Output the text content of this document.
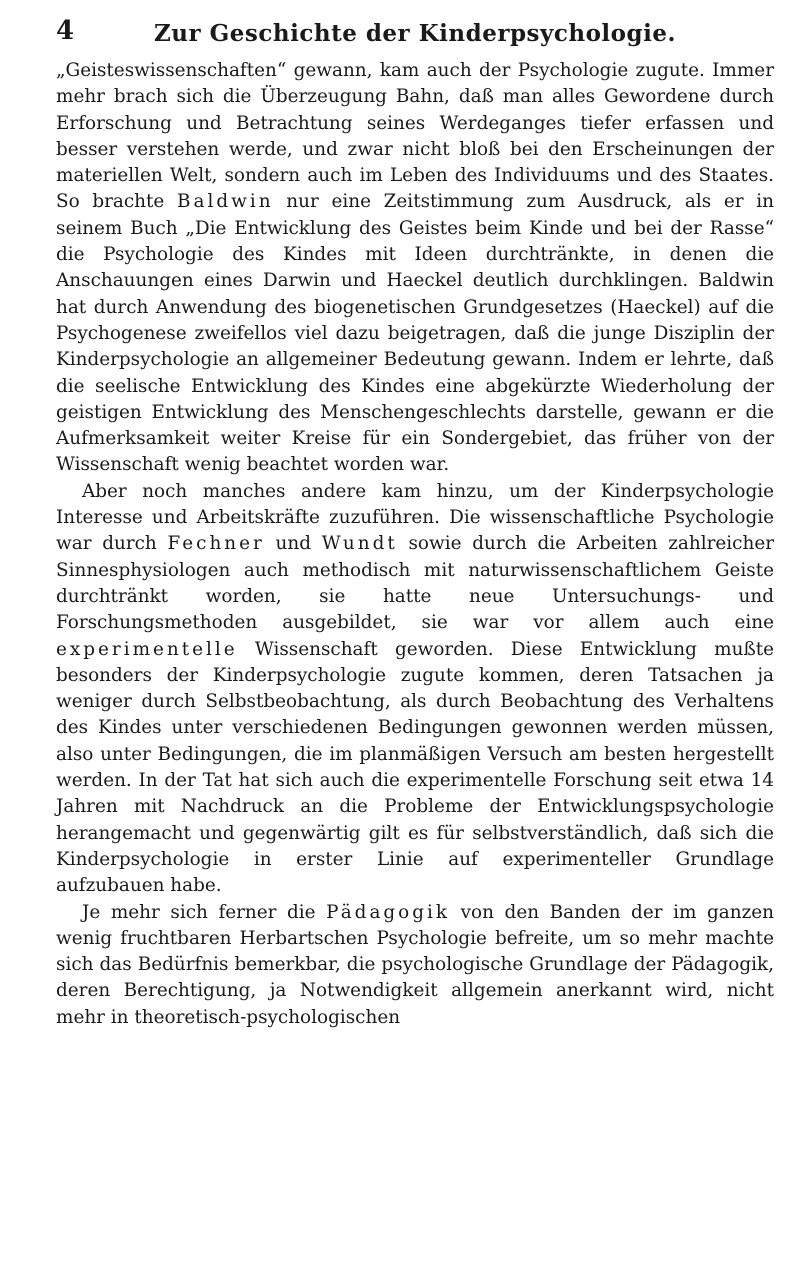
4	Zur Geschichte der Kinderpsychologie.

„Geisteswissenschaften“ gewann, kam auch der Psychologie zugute. Immer mehr brach sich die Überzeugung Bahn, daß man alles Gewordene durch Erforschung und Betrachtung seines Werdeganges tiefer erfassen und besser verstehen werde, und zwar nicht bloß bei den Erscheinungen der materiellen Welt, sondern auch im Leben des Individuums und des Staates. So brachte Baldwin nur eine Zeitstimmung zum Ausdruck, als er in seinem Buch „Die Entwicklung des Geistes beim Kinde und bei der Rasse“ die Psychologie des Kindes mit Ideen durchtränkte, in denen die Anschauungen eines Darwin und Haeckel deutlich durchklingen. Baldwin hat durch Anwendung des biogenetischen Grundgesetzes (Haeckel) auf die Psychogenese zweifellos viel dazu beigetragen, daß die junge Disziplin der Kinderpsychologie an allgemeiner Bedeutung gewann. Indem er lehrte, daß die seelische Entwicklung des Kindes eine abgekürzte Wiederholung der geistigen Entwicklung des Menschengeschlechts darstelle, gewann er die Aufmerksamkeit weiter Kreise für ein Sondergebiet, das früher von der Wissenschaft wenig beachtet worden war.

Aber noch manches andere kam hinzu, um der Kinderpsychologie Interesse und Arbeitskräfte zuzuführen. Die wissenschaftliche Psychologie war durch Fechner und Wundt sowie durch die Arbeiten zahlreicher Sinnesphysiologen auch methodisch mit naturwissenschaftlichem Geiste durchtränkt worden, sie hatte neue Untersuchungs- und Forschungsmethoden ausgebildet, sie war vor allem auch eine experimentelle Wissenschaft geworden. Diese Entwicklung mußte besonders der Kinderpsychologie zugute kommen, deren Tatsachen ja weniger durch Selbstbeobachtung, als durch Beobachtung des Verhaltens des Kindes unter verschiedenen Bedingungen gewonnen werden müssen, also unter Bedingungen, die im planmäßigen Versuch am besten hergestellt werden. In der Tat hat sich auch die experimentelle Forschung seit etwa 14 Jahren mit Nachdruck an die Probleme der Entwicklungspsychologie herangemacht und gegenwärtig gilt es für selbstverständlich, daß sich die Kinderpsychologie in erster Linie auf experimenteller Grundlage aufzubauen habe.

Je mehr sich ferner die Pädagogik von den Banden der im ganzen wenig fruchtbaren Herbartschen Psychologie befreite, um so mehr machte sich das Bedürfnis bemerkbar, die psychologische Grundlage der Pädagogik, deren Berechtigung, ja Notwendigkeit allgemein anerkannt wird, nicht mehr in theoretisch-psychologischen
